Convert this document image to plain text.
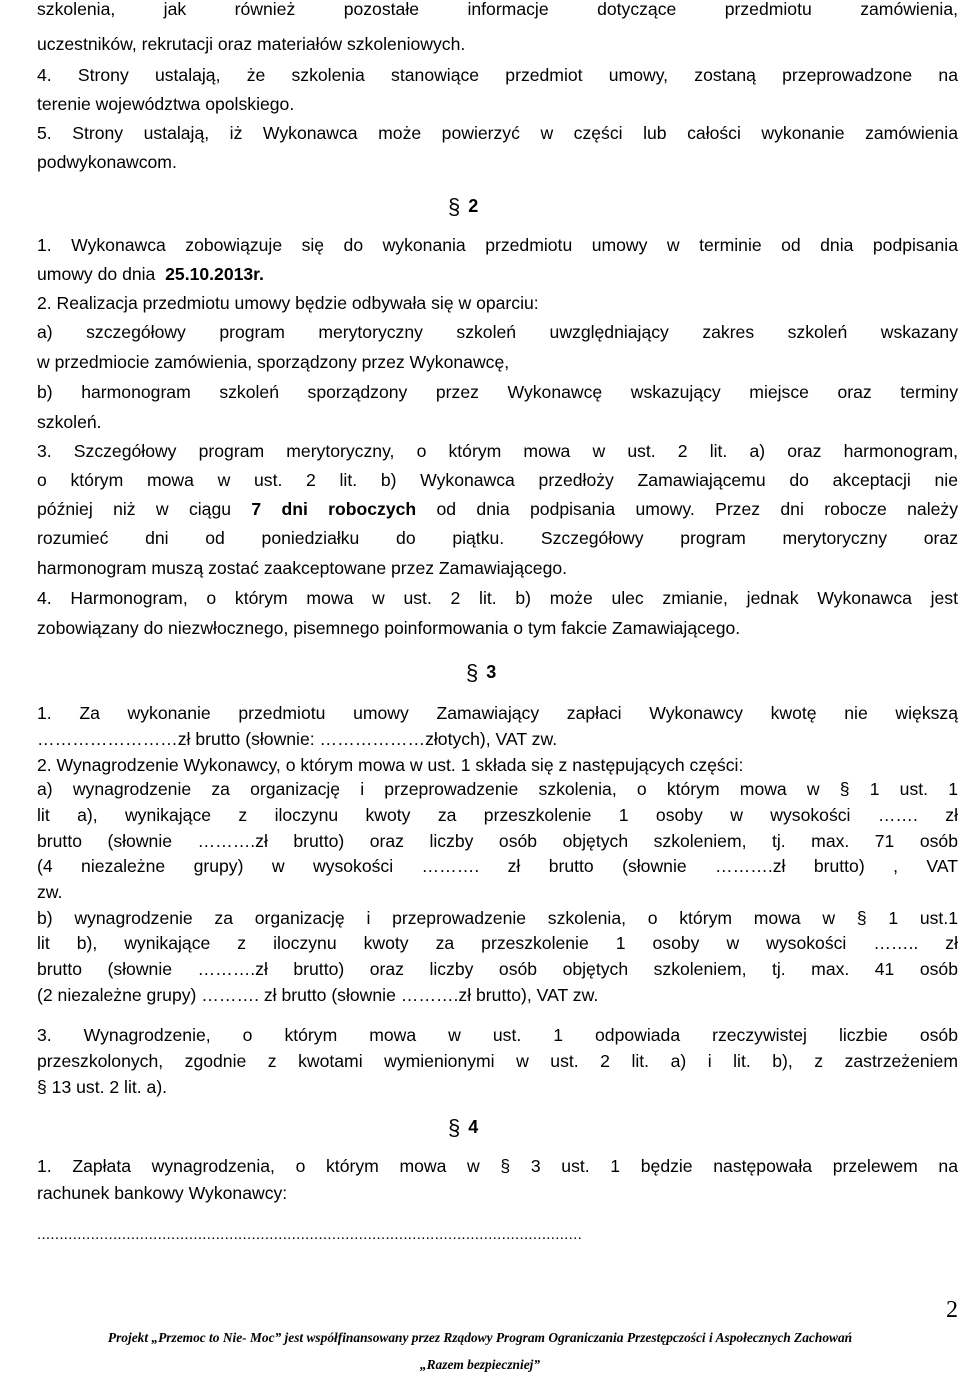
szkolenia, jak również pozostałe informacje dotyczące przedmiotu zamówienia,
uczestników, rekrutacji oraz materiałów szkoleniowych.
4. Strony ustalają, że szkolenia stanowiące przedmiot umowy, zostaną przeprowadzone na
terenie województwa opolskiego.
5. Strony ustalają, iż Wykonawca może powierzyć w części lub całości wykonanie zamówienia
podwykonawcom.
§ 2
1. Wykonawca zobowiązuje się do wykonania przedmiotu umowy w terminie od dnia podpisania
umowy do dnia  25.10.2013r.
2. Realizacja przedmiotu umowy będzie odbywała się w oparciu:
a) szczegółowy program merytoryczny szkoleń uwzględniający zakres szkoleń wskazany
w przedmiocie zamówienia, sporządzony przez Wykonawcę,
b) harmonogram szkoleń sporządzony przez Wykonawcę wskazujący miejsce oraz terminy
szkoleń.
3. Szczegółowy program merytoryczny, o którym mowa w ust. 2 lit. a) oraz harmonogram,
o którym mowa w ust. 2 lit. b) Wykonawca przedłoży Zamawiającemu do akceptacji nie
później niż w ciągu 7 dni roboczych od dnia podpisania umowy. Przez dni robocze należy
rozumieć dni od poniedziałku do piątku. Szczegółowy program merytoryczny oraz
harmonogram muszą zostać zaakceptowane przez Zamawiającego.
4. Harmonogram, o którym mowa w ust. 2 lit. b) może ulec zmianie, jednak Wykonawca jest
zobowiązany do niezwłocznego, pisemnego poinformowania o tym fakcie Zamawiającego.
§ 3
1. Za wykonanie przedmiotu umowy Zamawiający zapłaci Wykonawcy kwotę nie większą
……………………zł brutto (słownie: ………………złotych), VAT zw.
2. Wynagrodzenie Wykonawcy, o którym mowa w ust. 1 składa się z następujących części:
a) wynagrodzenie za organizację i przeprowadzenie szkolenia, o którym mowa w § 1 ust. 1
lit a), wynikające z iloczynu kwoty za przeszkolenie 1 osoby w wysokości ……. zł
brutto (słownie ……….zł brutto) oraz liczby osób objętych szkoleniem, tj. max. 71 osób
(4 niezależne grupy) w wysokości ………. zł brutto (słownie ……….zł brutto) , VAT
zw.
b) wynagrodzenie za organizację i przeprowadzenie szkolenia, o którym mowa w § 1 ust.1
lit b), wynikające z iloczynu kwoty za przeszkolenie 1 osoby w wysokości …….. zł
brutto (słownie ……….zł brutto) oraz liczby osób objętych szkoleniem, tj. max. 41 osób
(2 niezależne grupy) ………. zł brutto (słownie ……….zł brutto), VAT zw.
3. Wynagrodzenie, o którym mowa w ust. 1 odpowiada rzeczywistej liczbie osób
przeszkolonych, zgodnie z kwotami wymienionymi w ust. 2 lit. a) i lit. b), z zastrzeżeniem
§ 13 ust. 2 lit. a).
§ 4
1. Zapłata wynagrodzenia, o którym mowa w § 3 ust. 1 będzie następowała przelewem na
rachunek bankowy Wykonawcy:
..........................................................................................................................
2
Projekt „Przemoc to Nie- Moc” jest współfinansowany przez Rządowy Program Ograniczania Przestępczości i Aspołecznych Zachowań
„Razem bezpieczniej”
